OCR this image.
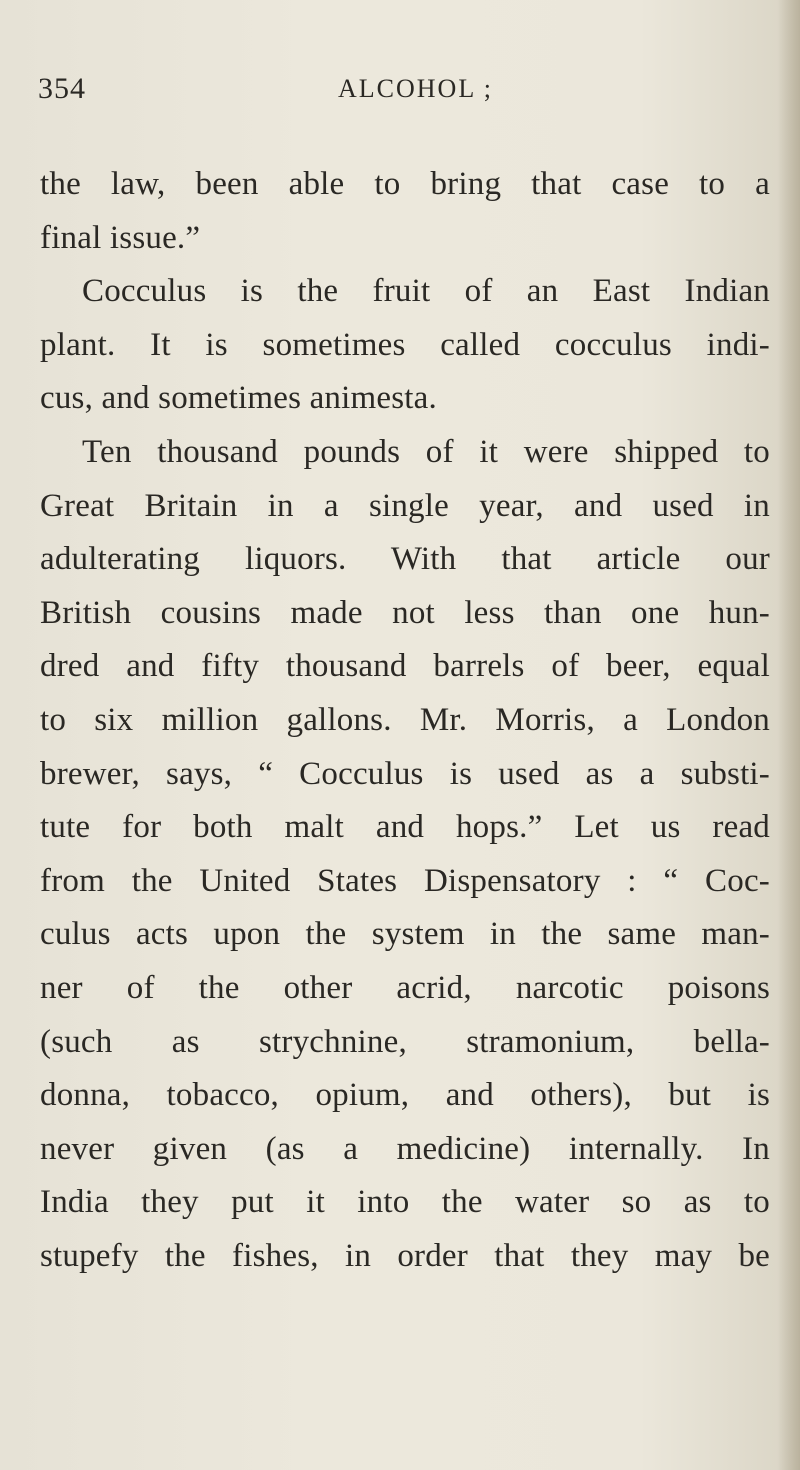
354	ALCOHOL ;
the law, been able to bring that case to a
final issue.”
Cocculus is the fruit of an East Indian
plant. It is sometimes called cocculus indi-
cus, and sometimes animesta.
Ten thousand pounds of it were shipped to
Great Britain in a single year, and used in
adulterating liquors. With that article our
British cousins made not less than one hun-
dred and fifty thousand barrels of beer, equal
to six million gallons. Mr. Morris, a London
brewer, says, “ Cocculus is used as a substi-
tute for both malt and hops.” Let us read
from the United States Dispensatory : “ Coc-
culus acts upon the system in the same man-
ner of the other acrid, narcotic poisons
(such as strychnine, stramonium, bella-
donna, tobacco, opium, and others), but is
never given (as a medicine) internally. In
India they put it into the water so as to
stupefy the fishes, in order that they may be
